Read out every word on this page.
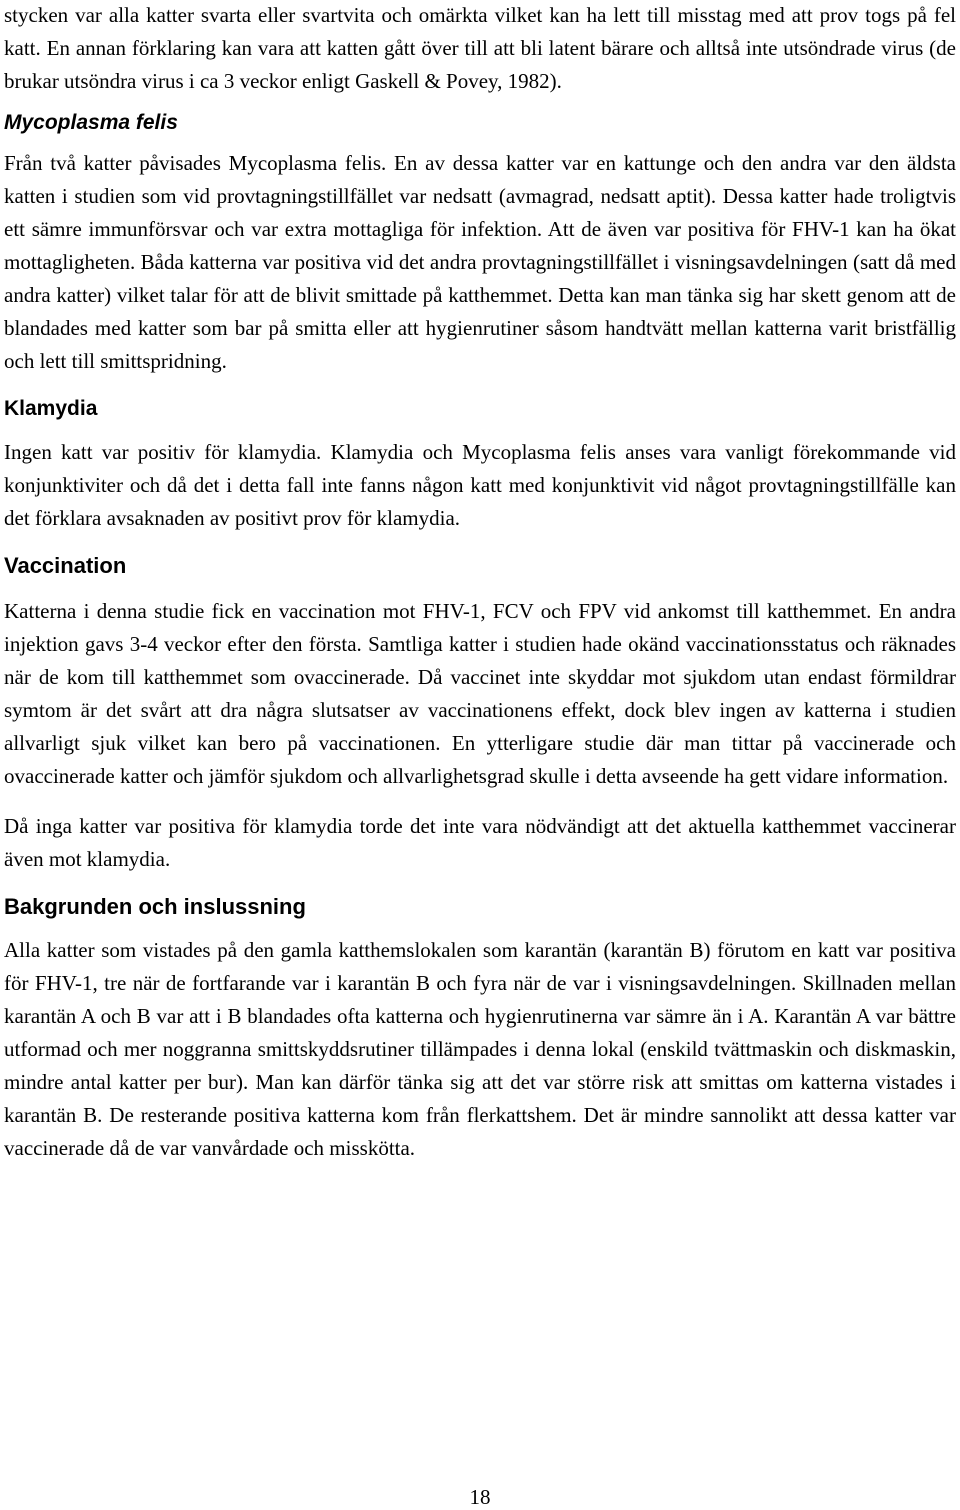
stycken var alla katter svarta eller svartvita och omärkta vilket kan ha lett till misstag med att prov togs på fel katt. En annan förklaring kan vara att katten gått över till att bli latent bärare och alltså inte utsöndrade virus (de brukar utsöndra virus i ca 3 veckor enligt Gaskell & Povey, 1982).

Mycoplasma felis

Från två katter påvisades Mycoplasma felis. En av dessa katter var en kattunge och den andra var den äldsta katten i studien som vid provtagningstillfället var nedsatt (avmagrad, nedsatt aptit). Dessa katter hade troligtvis ett sämre immunförsvar och var extra mottagliga för infektion. Att de även var positiva för FHV-1 kan ha ökat mottagligheten. Båda katterna var positiva vid det andra provtagningstillfället i visningsavdelningen (satt då med andra katter) vilket talar för att de blivit smittade på katthemmet. Detta kan man tänka sig har skett genom att de blandades med katter som bar på smitta eller att hygienrutiner såsom handtvätt mellan katterna varit bristfällig och lett till smittspridning.

Klamydia

Ingen katt var positiv för klamydia. Klamydia och Mycoplasma felis anses vara vanligt förekommande vid konjunktiviter och då det i detta fall inte fanns någon katt med konjunktivit vid något provtagningstillfälle kan det förklara avsaknaden av positivt prov för klamydia.

Vaccination

Katterna i denna studie fick en vaccination mot FHV-1, FCV och FPV vid ankomst till katthemmet. En andra injektion gavs 3-4 veckor efter den första. Samtliga katter i studien hade okänd vaccinationsstatus och räknades när de kom till katthemmet som ovaccinerade. Då vaccinet inte skyddar mot sjukdom utan endast förmildrar symtom är det svårt att dra några slutsatser av vaccinationens effekt, dock blev ingen av katterna i studien allvarligt sjuk vilket kan bero på vaccinationen. En ytterligare studie där man tittar på vaccinerade och ovaccinerade katter och jämför sjukdom och allvarlighetsgrad skulle i detta avseende ha gett vidare information.

Då inga katter var positiva för klamydia torde det inte vara nödvändigt att det aktuella katthemmet vaccinerar även mot klamydia.

Bakgrunden och inslussning

Alla katter som vistades på den gamla katthemslokalen som karantän (karantän B) förutom en katt var positiva för FHV-1, tre när de fortfarande var i karantän B och fyra när de var i visningsavdelningen. Skillnaden mellan karantän A och B var att i B blandades ofta katterna och hygienrutinerna var sämre än i A. Karantän A var bättre utformad och mer noggranna smittskyddsrutiner tillämpades i denna lokal (enskild tvättmaskin och diskmaskin, mindre antal katter per bur). Man kan därför tänka sig att det var större risk att smittas om katterna vistades i karantän B. De resterande positiva katterna kom från flerkattshem. Det är mindre sannolikt att dessa katter var vaccinerade då de var vanvårdade och misskötta.

18
